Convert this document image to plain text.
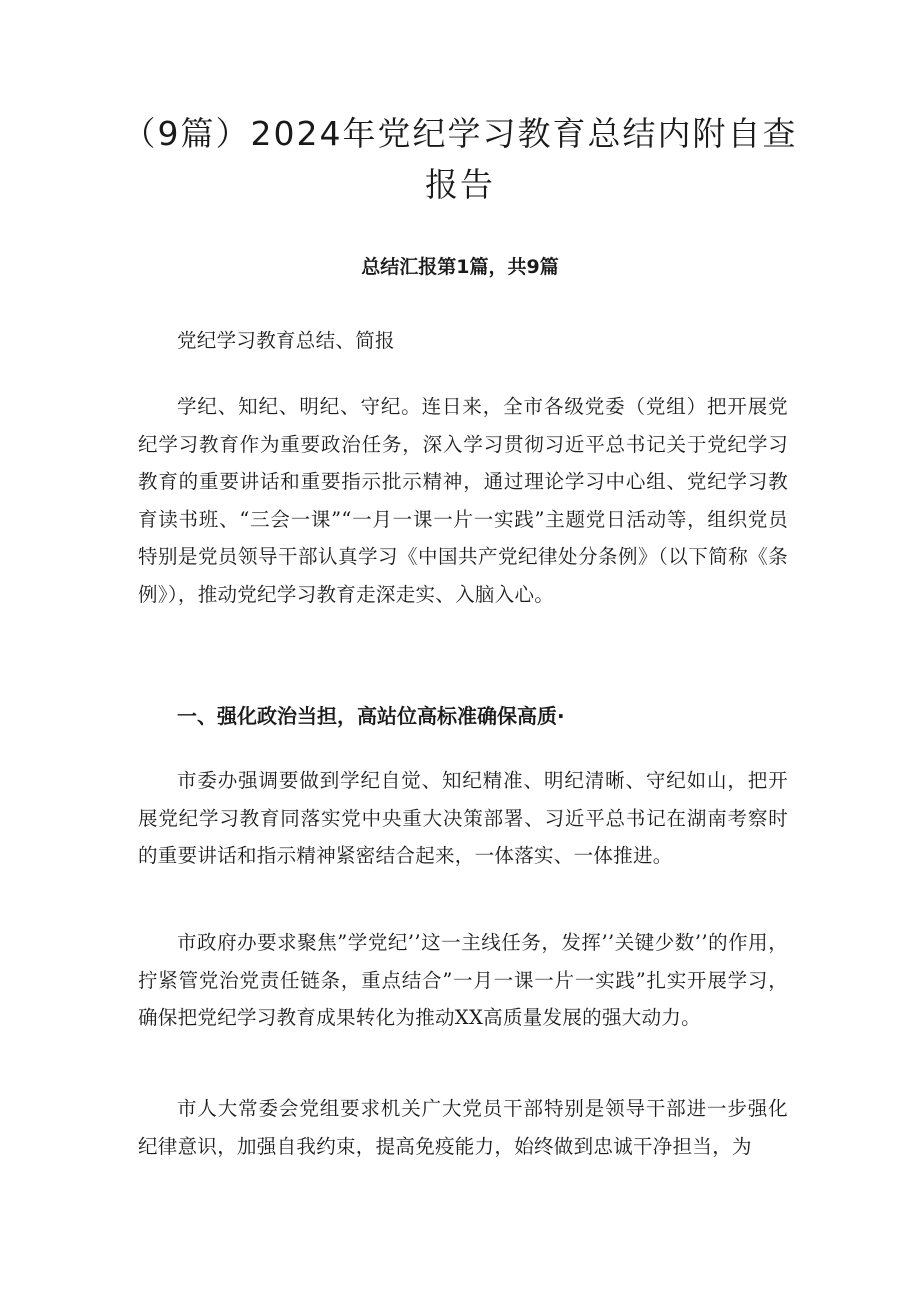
（9篇）2024年党纪学习教育总结内附自查报告
总结汇报第1篇，共9篇

党纪学习教育总结、简报

学纪、知纪、明纪、守纪。连日来，全市各级党委（党组）把开展党纪学习教育作为重要政治任务，深入学习贯彻习近平总书记关于党纪学习教育的重要讲话和重要指示批示精神，通过理论学习中心组、党纪学习教育读书班、“三会一课”“一月一课一片一实践”主题党日活动等，组织党员特别是党员领导干部认真学习《中国共产党纪律处分条例》（以下简称《条例》），推动党纪学习教育走深走实、入脑入心。

一、强化政治当担，高站位高标准确保高质·

市委办强调要做到学纪自觉、知纪精准、明纪清晰、守纪如山，把开展党纪学习教育同落实党中央重大决策部署、习近平总书记在湖南考察时的重要讲话和指示精神紧密结合起来，一体落实、一体推进。

市政府办要求聚焦”学党纪’’这一主线任务，发挥’’关键少数’’的作用，拧紧管党治党责任链条，重点结合”一月一课一片一实践”扎实开展学习，确保把党纪学习教育成果转化为推动XX高质量发展的强大动力。

市人大常委会党组要求机关广大党员干部特别是领导干部进一步强化纪律意识，加强自我约束，提高免疫能力，始终做到忠诚干净担当，为
